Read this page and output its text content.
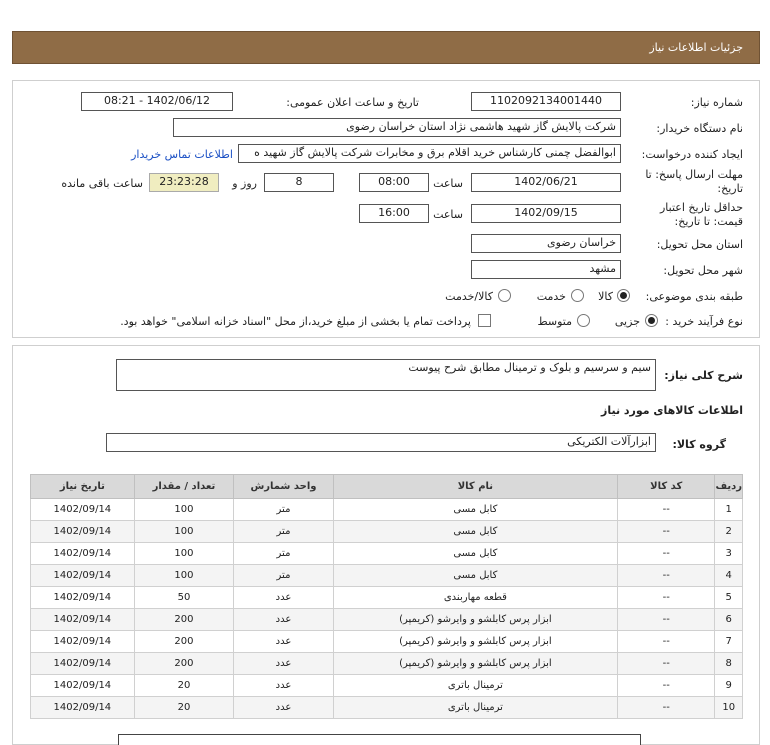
جزئیات اطلاعات نیاز
شماره نیاز:
1102092134001440
تاریخ و ساعت اعلان عمومی:
1402/06/12 - 08:21
نام دستگاه خریدار:
شرکت پالایش گاز شهید هاشمی نژاد استان خراسان رضوی
ایجاد کننده درخواست:
ابوالفضل چمنی کارشناس خرید اقلام برق و مخابرات شرکت پالایش گاز شهید ه
اطلاعات تماس خریدار
مهلت ارسال پاسخ: تا
تاریخ:
1402/06/21
ساعت
08:00
8
روز و
23:23:28
ساعت باقی مانده
حداقل تاریخ اعتبار
قیمت: تا تاریخ:
1402/09/15
ساعت
16:00
استان محل تحویل:
خراسان رضوی
شهر محل تحویل:
مشهد
طبقه بندی موضوعی:
کالا
خدمت
کالا/خدمت
نوع فرآیند خرید :
جزیی
متوسط
پرداخت تمام یا بخشی از مبلغ خرید،از محل "اسناد خزانه اسلامی" خواهد بود.
شرح کلی نیاز:
سیم و سرسیم و بلوک و ترمینال مطابق شرح پیوست
اطلاعات کالاهای مورد نیاز
گروه کالا:
ابزارآلات الکتریکی
ردیف	کد کالا	نام کالا	واحد شمارش	تعداد / مقدار	تاریخ نیاز
1	--	کابل مسی	متر	100	1402/09/14
2	--	کابل مسی	متر	100	1402/09/14
3	--	کابل مسی	متر	100	1402/09/14
4	--	کابل مسی	متر	100	1402/09/14
5	--	قطعه مهاربندی	عدد	50	1402/09/14
6	--	ابزار پرس کابلشو و وایرشو (کریمپر)	عدد	200	1402/09/14
7	--	ابزار پرس کابلشو و وایرشو (کریمپر)	عدد	200	1402/09/14
8	--	ابزار پرس کابلشو و وایرشو (کریمپر)	عدد	200	1402/09/14
9	--	ترمینال باتری	عدد	20	1402/09/14
10	--	ترمینال باتری	عدد	20	1402/09/14
